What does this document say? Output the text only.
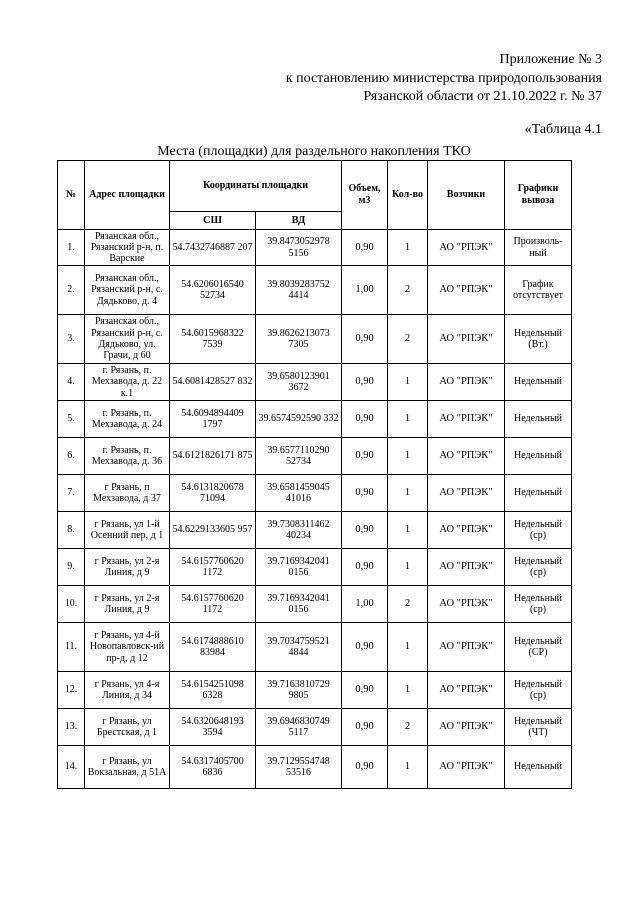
Приложение № 3
к постановлению министерства природопользования
Рязанской области от 21.10.2022 г. № 37
«Таблица 4.1
Места (площадки) для раздельного накопления ТКО
№	Адрес площадки	Координаты площадки		Объем, м3	Кол-во	Возчики	Графики вывоза
		СШ	ВД				
1.	Рязанская обл., Рязанский р-н, п. Варские	54.7432746887 207	39.8473052978 5156	0,90	1	АО "РПЭК"	Произволь-ный
2.	Рязанская обл., Рязанский р-н, с. Дядьково, д. 4	54.6206016540 52734	39.8039283752 4414	1,00	2	АО "РПЭК"	График отсутствует
3.	Рязанская обл., Рязанский р-н, с. Дядьково, ул. Грачи, д 60	54.6015968322 7539	39.8626213073 7305	0,90	2	АО "РПЭК"	Недельный (Вт.)
4.	г. Рязань, п. Мехзавода, д. 22 к.1	54.6081428527 832	39.6580123901 3672	0,90	1	АО "РПЭК"	Недельный
5.	г. Рязань, п. Мехзавода, д. 24	54.6094894409 1797	39.6574592590 332	0,90	1	АО "РПЭК"	Недельный
6.	г. Рязань, п. Мехзавода, д. 36	54.6121826171 875	39.6577110290 52734	0,90	1	АО "РПЭК"	Недельный
7.	г Рязань, п Мехзавода, д 37	54.6131820678 71094	39.6581459045 41016	0,90	1	АО "РПЭК"	Недельный
8.	г Рязань, ул 1-й Осенний пер, д 1	54.6229133605 957	39.7308311462 40234	0,90	1	АО "РПЭК"	Недельный (ср)
9.	г Рязань, ул 2-я Линия, д 9	54.6157760620 1172	39.7169342041 0156	0,90	1	АО "РПЭК"	Недельный (ср)
10.	г Рязань, ул 2-я Линия, д 9	54.6157760620 1172	39.7169342041 0156	1,00	2	АО "РПЭК"	Недельный (ср)
11.	г Рязань, ул 4-й Новопавловск-ий пр-д, д 12	54.6174888610 83984	39.7034759521 4844	0,90	1	АО "РПЭК"	Недельный (СР)
12.	г Рязань, ул 4-я Линия, д 34	54.6154251098 6328	39.7163810729 9805	0,90	1	АО "РПЭК"	Недельный (ср)
13.	г Рязань, ул Брестская, д 1	54.6320648193 3594	39.6946830749 5117	0,90	2	АО "РПЭК"	Недельный (ЧТ)
14.	г Рязань, ул Вокзальная, д 51А	54.6317405700 6836	39.7129554748 53516	0,90	1	АО "РПЭК"	Недельный
